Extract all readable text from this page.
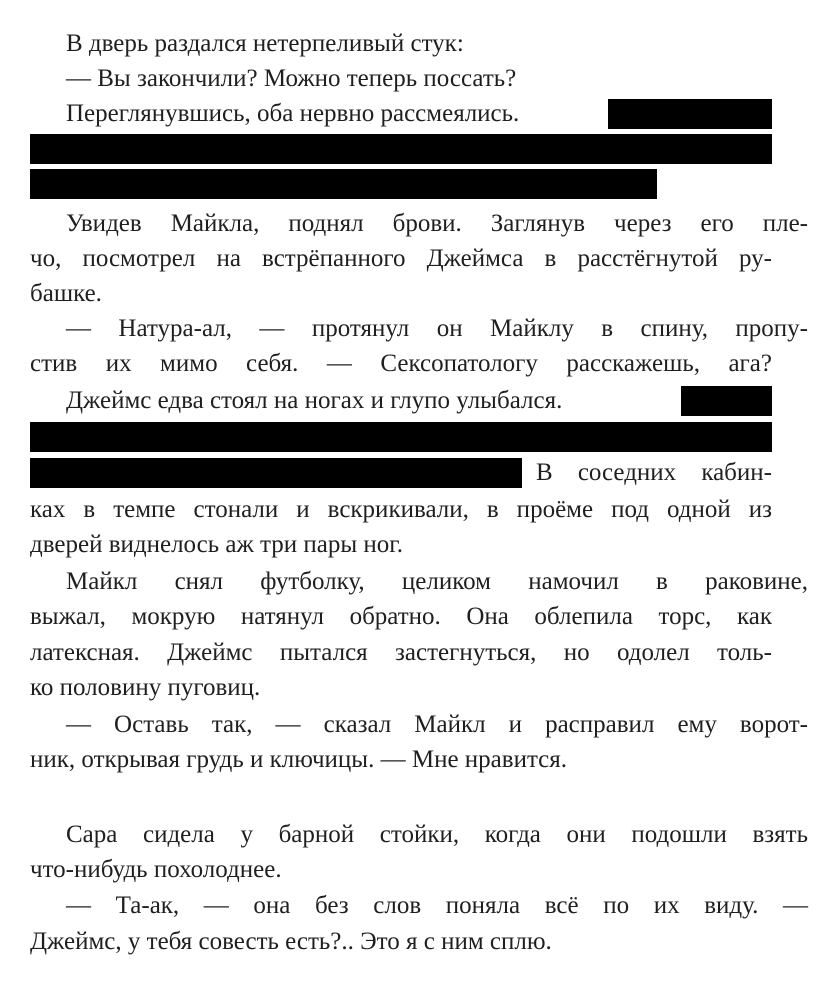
В дверь раздался нетерпеливый стук:
— Вы закончили? Можно теперь поссать?
Переглянувшись, оба нервно рассмеялись.
Увидев Майкла, поднял брови. Заглянув через его пле-
чо, посмотрел на встрёпанного Джеймса в расстёгнутой ру-
башке.
— Натура-ал, — протянул он Майклу в спину, пропу-
стив их мимо себя. — Сексопатологу расскажешь, ага?
Джеймс едва стоял на ногах и глупо улыбался.
В соседних кабин-
ках в темпе стонали и вскрикивали, в проёме под одной из
дверей виднелось аж три пары ног.
Майкл снял футболку, целиком намочил в раковине,
выжал, мокрую натянул обратно. Она облепила торс, как
латексная. Джеймс пытался застегнуться, но одолел толь-
ко половину пуговиц.
— Оставь так, — сказал Майкл и расправил ему ворот-
ник, открывая грудь и ключицы. — Мне нравится.
Сара сидела у барной стойки, когда они подошли взять
что-нибудь похолоднее.
— Та-ак, — она без слов поняла всё по их виду. —
Джеймс, у тебя совесть есть?.. Это я с ним сплю.
